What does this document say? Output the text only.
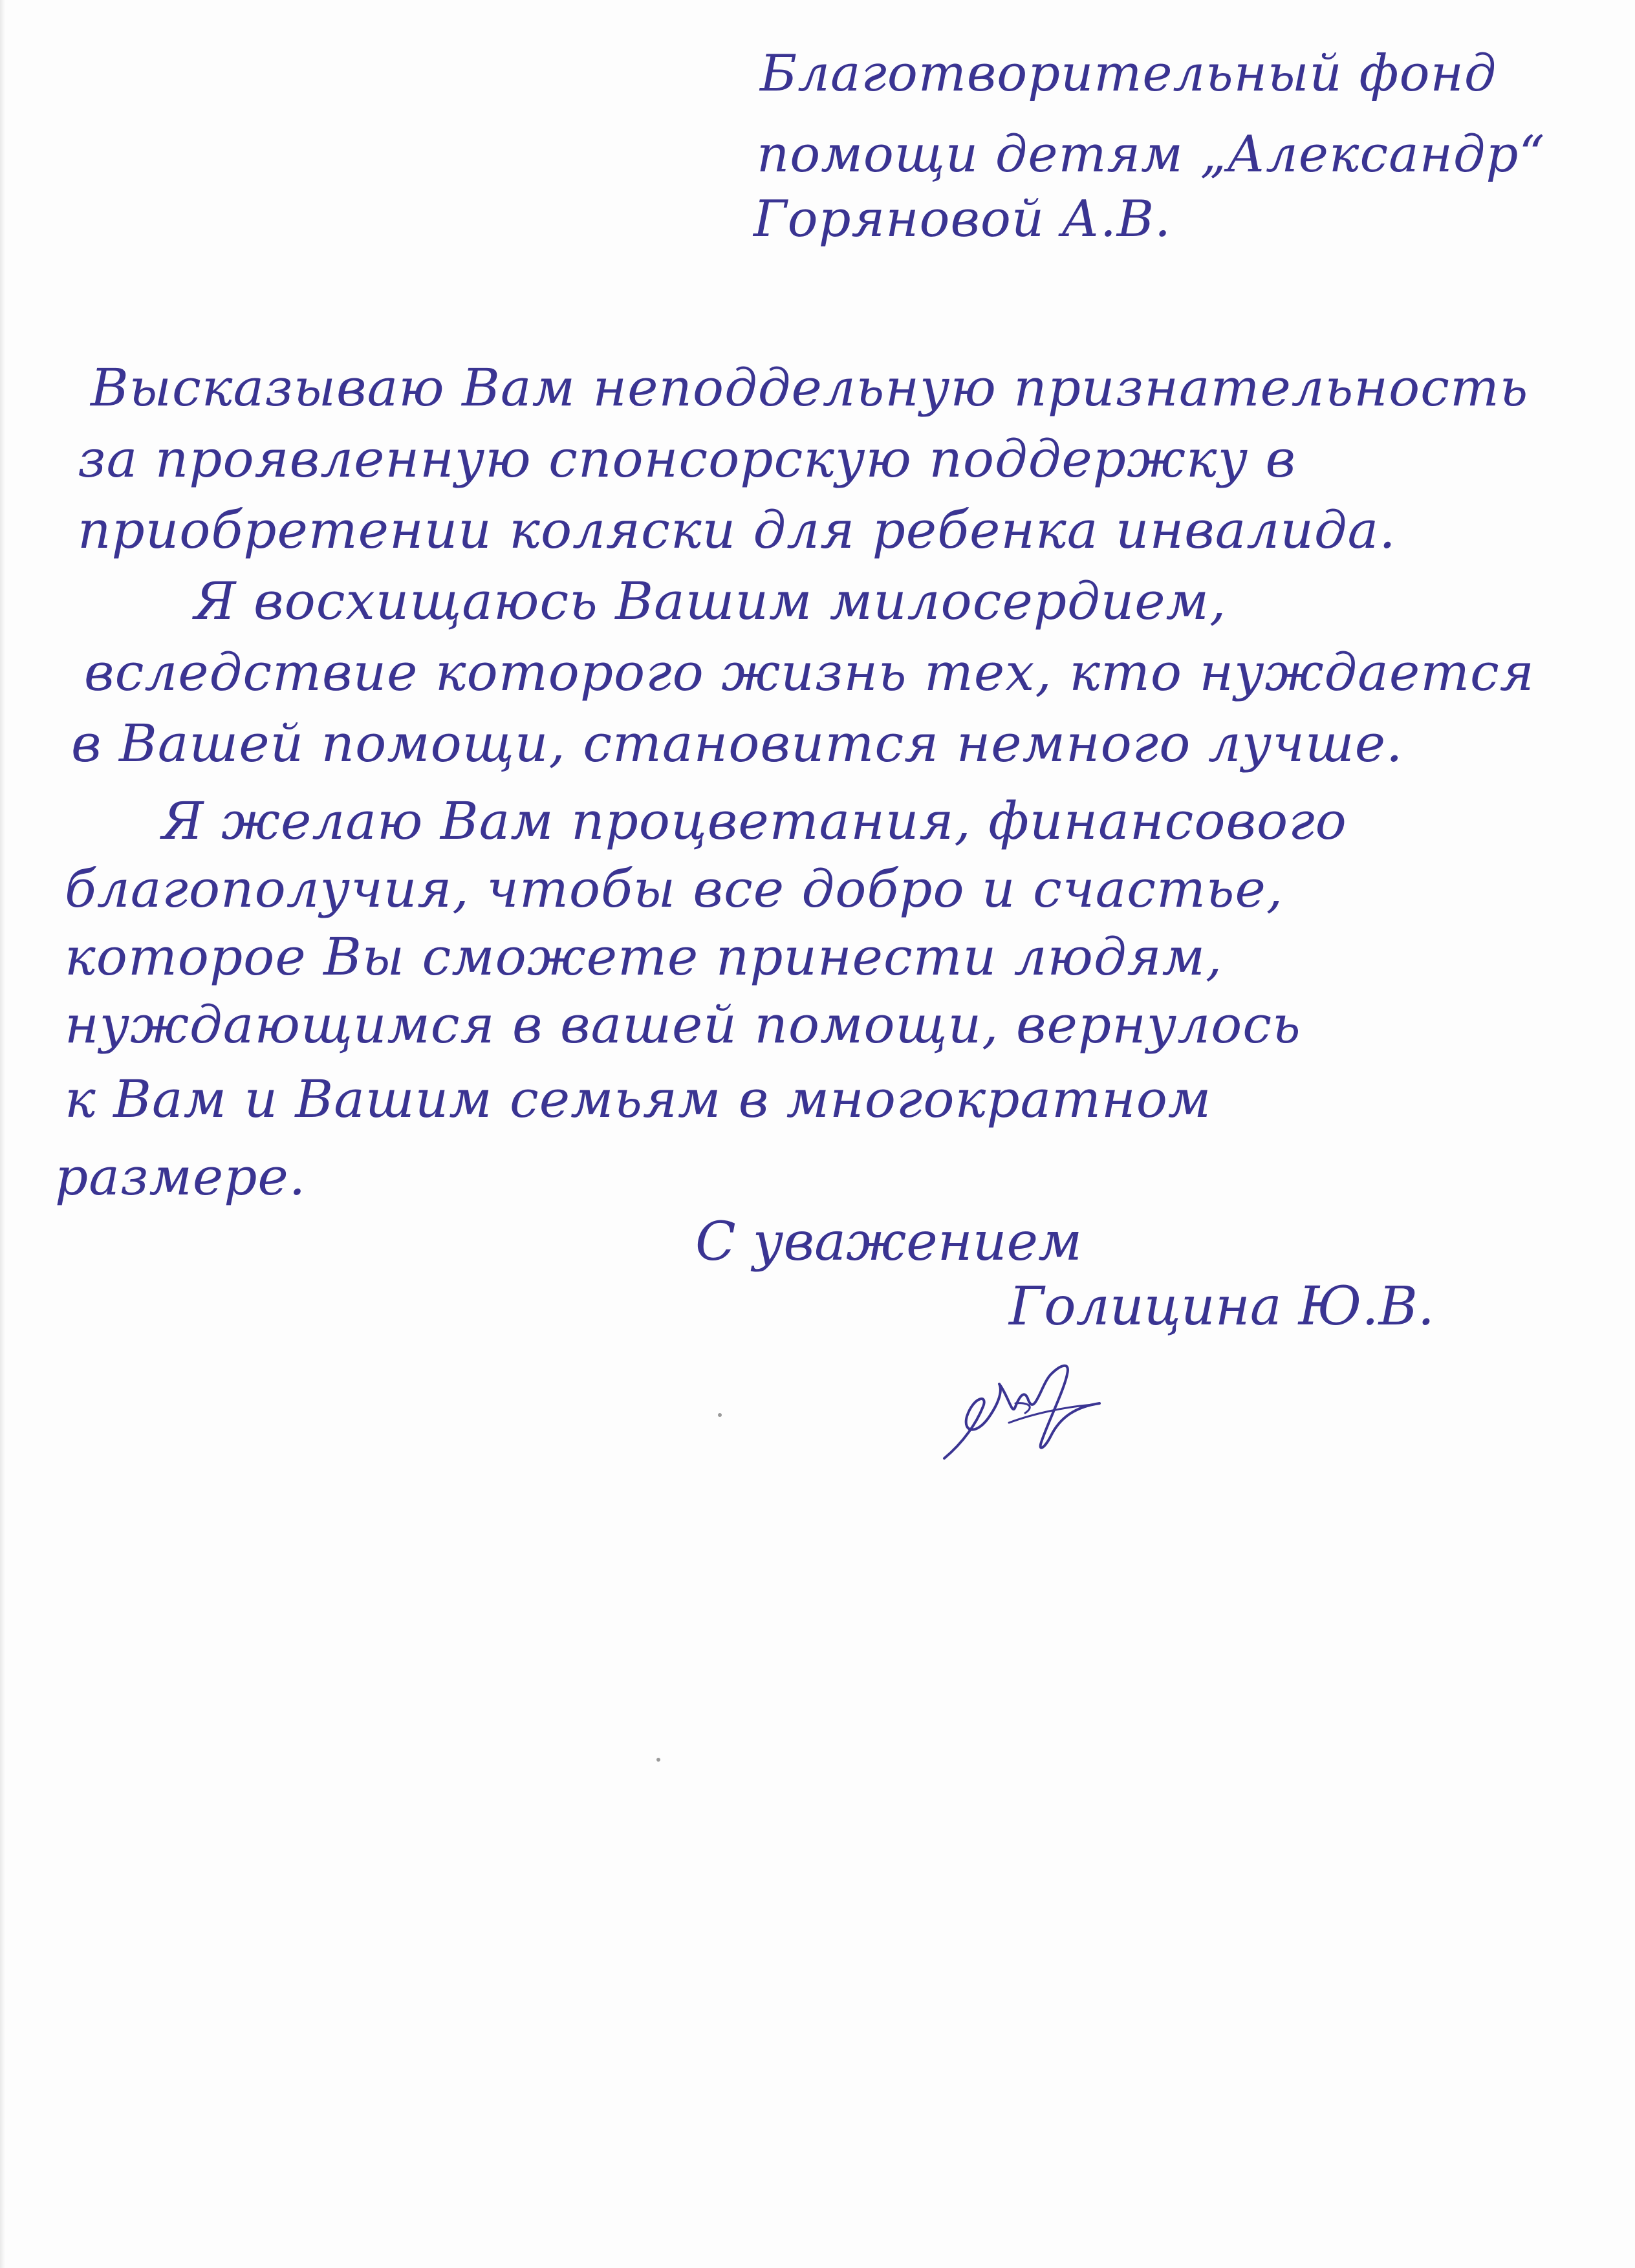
Благотворительный фонд
помощи детям „Александр“
Горяновой А.В.
Высказываю Вам неподдельную признательность
за проявленную спонсорскую поддержку в
приобретении коляски для ребенка инвалида.
Я восхищаюсь Вашим милосердием,
вследствие которого жизнь тех, кто нуждается
в Вашей помощи, становится немного лучше.
Я желаю Вам процветания, финансового
благополучия, чтобы все добро и счастье,
которое Вы сможете принести людям,
нуждающимся в вашей помощи, вернулось
к Вам и Вашим семьям в многократном
размере.
С уважением
Голицина Ю.В.
